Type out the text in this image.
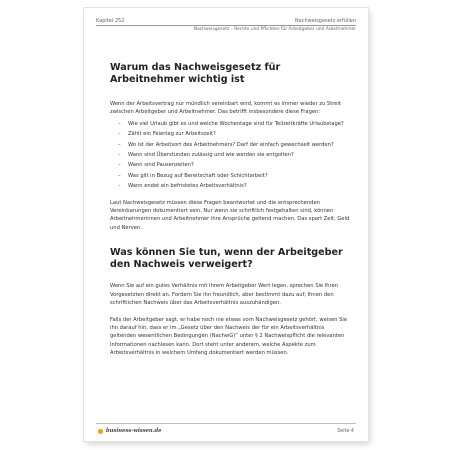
Kapitel 252	Nachweisgesetz erfüllen
Nachweisgesetz – Rechte und Pflichten für Arbeitgeber und Arbeitnehmer
Warum das Nachweisgesetz für Arbeitnehmer wichtig ist

Wenn der Arbeitsvertrag nur mündlich vereinbart wird, kommt es immer wieder zu Streit zwischen Arbeitgeber und Arbeitnehmer. Das betrifft insbesondere diese Fragen:

– Wie viel Urlaub gibt es und welche Wochentage sind für Teilzeitkräfte Urlaubstage?
– Zählt ein Feiertag zur Arbeitszeit?
– Wo ist der Arbeitsort des Arbeitnehmers? Darf der einfach gewechselt werden?
– Wann sind Überstunden zulässig und wie werden sie entgolten?
– Wann sind Pausenzeiten?
– Was gilt in Bezug auf Bereitschaft oder Schichtarbeit?
– Wann endet ein befristetes Arbeitsverhältnis?

Laut Nachweisgesetz müssen diese Fragen beantwortet und die entsprechenden Vereinbarungen dokumentiert sein. Nur wenn sie schriftlich festgehalten sind, können Arbeitnehmerinnen und Arbeitnehmer ihre Ansprüche geltend machen. Das spart Zeit, Geld und Nerven.

Was können Sie tun, wenn der Arbeitgeber den Nachweis verweigert?

Wenn Sie auf ein gutes Verhältnis mit Ihrem Arbeitgeber Wert legen, sprechen Sie Ihren Vorgesetzten direkt an. Fordern Sie ihn freundlich, aber bestimmt dazu auf, Ihnen den schriftlichen Nachweis über das Arbeitsverhältnis auszuhändigen.

Falls der Arbeitgeber sagt, er habe noch nie etwas vom Nachweisgesetz gehört, weisen Sie ihn darauf hin, dass er im „Gesetz über den Nachweis der für ein Arbeitsverhältnis geltenden wesentlichen Bedingungen (NachwG)“ unter § 2 Nachweispflicht die relevanten Informationen nachlesen kann. Dort steht unter anderem, welche Aspekte zum Arbeitsverhältnis in welchem Umfang dokumentiert werden müssen.

business-wissen.de	Seite 4
